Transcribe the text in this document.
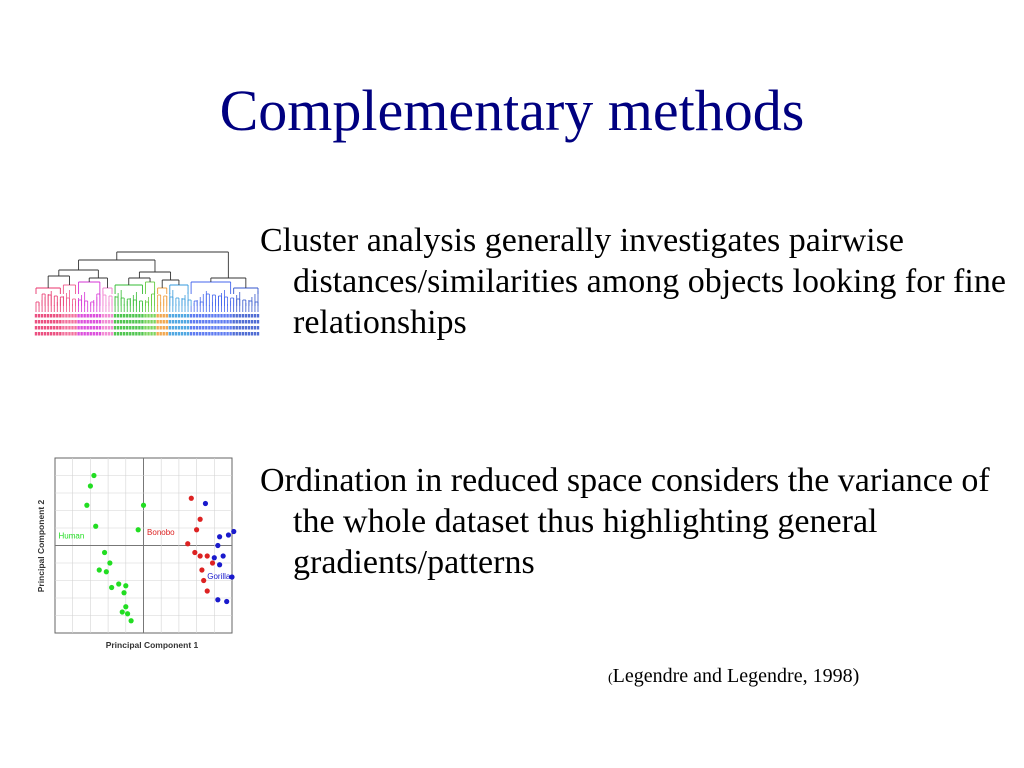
Complementary methods
Cluster analysis generally investigates pairwise distances/similarities among objects looking for fine relationships
Human	Bonobo
Gorilla
Principal Component 1
Principal Component 2
Ordination in reduced space considers the variance of the whole dataset thus highlighting general gradients/patterns
(Legendre and Legendre, 1998)
